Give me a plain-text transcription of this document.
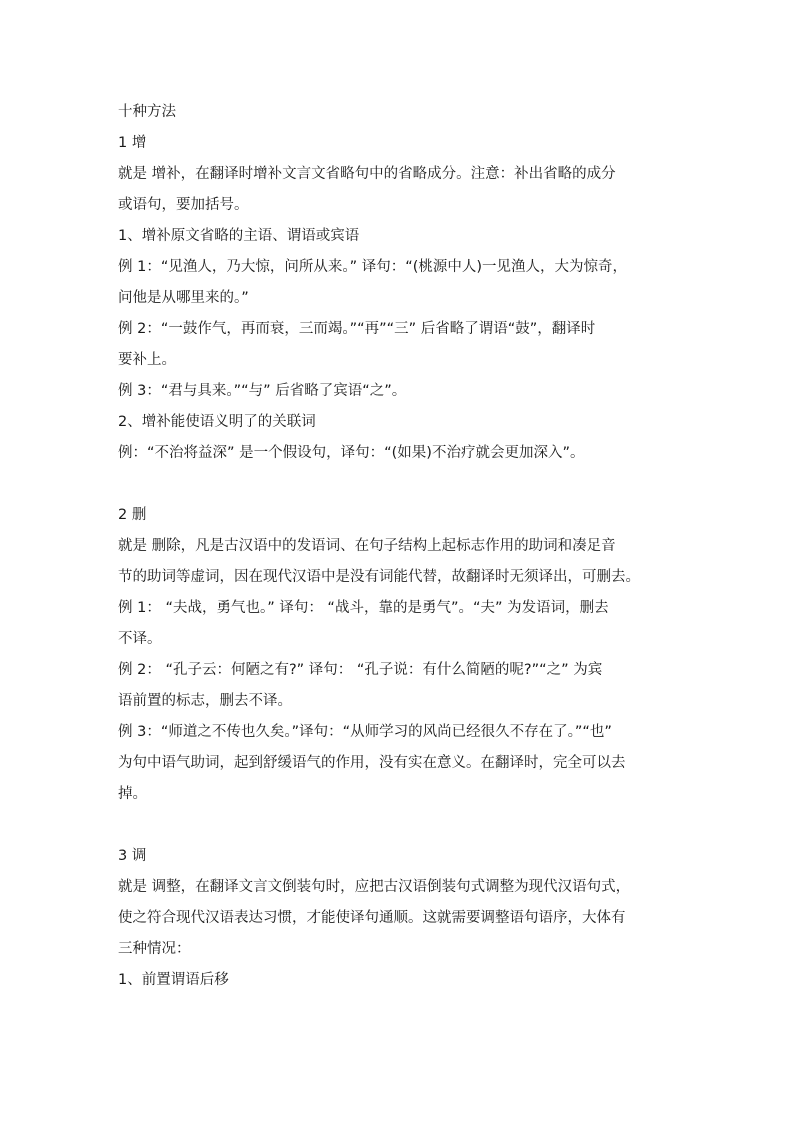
十种方法

1 增

就是 增补，在翻译时增补文言文省略句中的省略成分。注意：补出省略的成分

或语句，要加括号。

1、增补原文省略的主语、谓语或宾语

例 1：“见渔人，乃大惊，问所从来。” 译句：“(桃源中人)一见渔人，大为惊奇，

问他是从哪里来的。”

例 2：“一鼓作气，再而衰，三而竭。”“再”“三” 后省略了谓语“鼓”，翻译时

要补上。

例 3：“君与具来。”“与” 后省略了宾语“之”。

2、增补能使语义明了的关联词

例：“不治将益深” 是一个假设句，译句：“(如果)不治疗就会更加深入”。

2 删

就是 删除，凡是古汉语中的发语词、在句子结构上起标志作用的助词和凑足音

节的助词等虚词，因在现代汉语中是没有词能代替，故翻译时无须译出，可删去。

例 1： “夫战，勇气也。” 译句： “战斗，靠的是勇气”。“夫” 为发语词，删去

不译。

例 2： “孔子云：何陋之有?” 译句： “孔子说：有什么简陋的呢?”“之” 为宾

语前置的标志，删去不译。

例 3：“师道之不传也久矣。”译句：“从师学习的风尚已经很久不存在了。”“也”

为句中语气助词，起到舒缓语气的作用，没有实在意义。在翻译时，完全可以去

掉。

3 调

就是 调整，在翻译文言文倒装句时，应把古汉语倒装句式调整为现代汉语句式，

使之符合现代汉语表达习惯，才能使译句通顺。这就需要调整语句语序，大体有

三种情况：

1、前置谓语后移
